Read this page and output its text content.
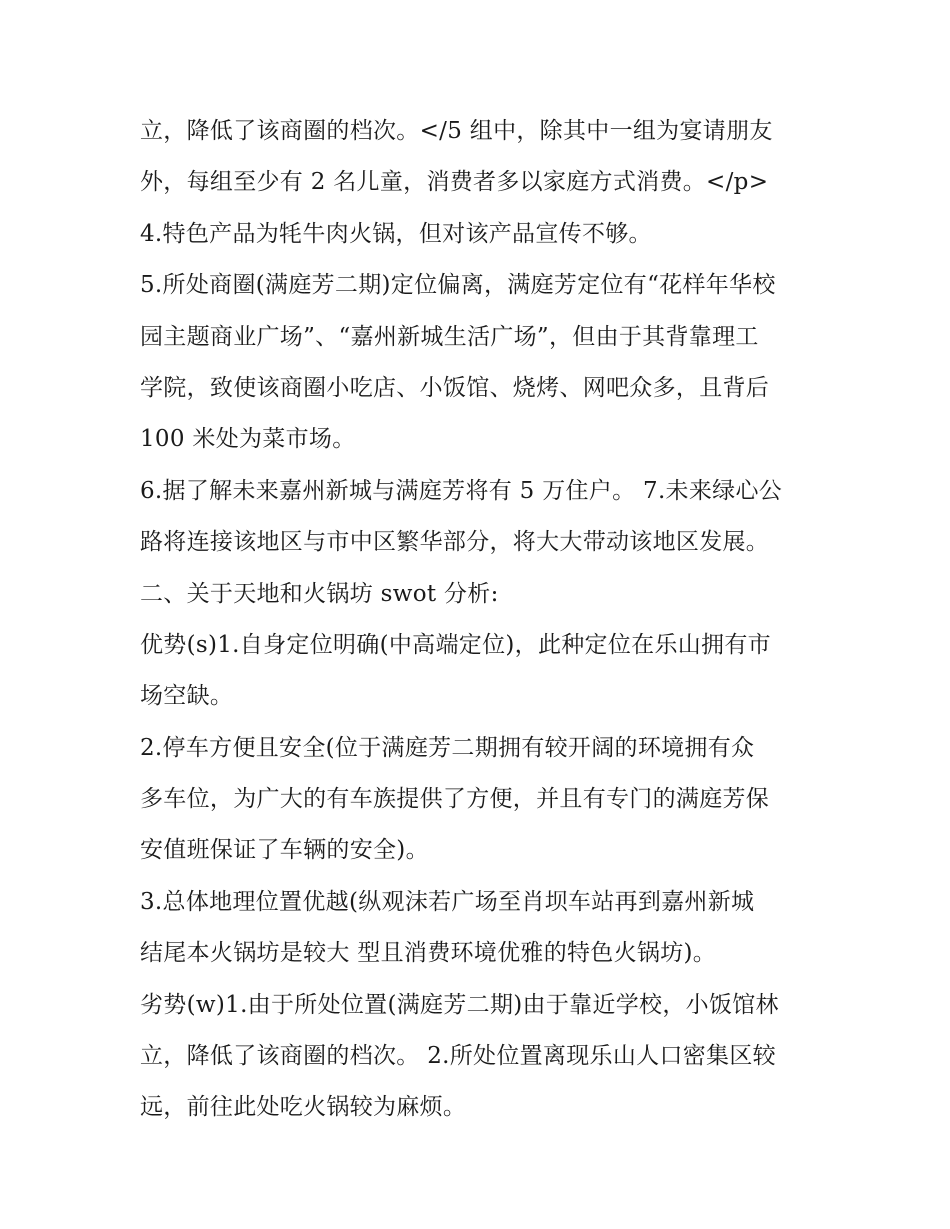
立，降低了该商圈的档次。</5 组中，除其中一组为宴请朋友
外，每组至少有 2 名儿童，消费者多以家庭方式消费。</p>
4.特色产品为牦牛肉火锅，但对该产品宣传不够。
5.所处商圈(满庭芳二期)定位偏离，满庭芳定位有“花样年华校
园主题商业广场”、“嘉州新城生活广场”，但由于其背靠理工
学院，致使该商圈小吃店、小饭馆、烧烤、网吧众多，且背后
100 米处为菜市场。
6.据了解未来嘉州新城与满庭芳将有 5 万住户。 7.未来绿心公
路将连接该地区与市中区繁华部分，将大大带动该地区发展。
二、关于天地和火锅坊 swot 分析:
优势(s)1.自身定位明确(中高端定位)，此种定位在乐山拥有市
场空缺。
2.停车方便且安全(位于满庭芳二期拥有较开阔的环境拥有众
多车位，为广大的有车族提供了方便，并且有专门的满庭芳保
安值班保证了车辆的安全)。
3.总体地理位置优越(纵观沫若广场至肖坝车站再到嘉州新城
结尾本火锅坊是较大 型且消费环境优雅的特色火锅坊)。
劣势(w)1.由于所处位置(满庭芳二期)由于靠近学校，小饭馆林
立，降低了该商圈的档次。 2.所处位置离现乐山人口密集区较
远，前往此处吃火锅较为麻烦。
